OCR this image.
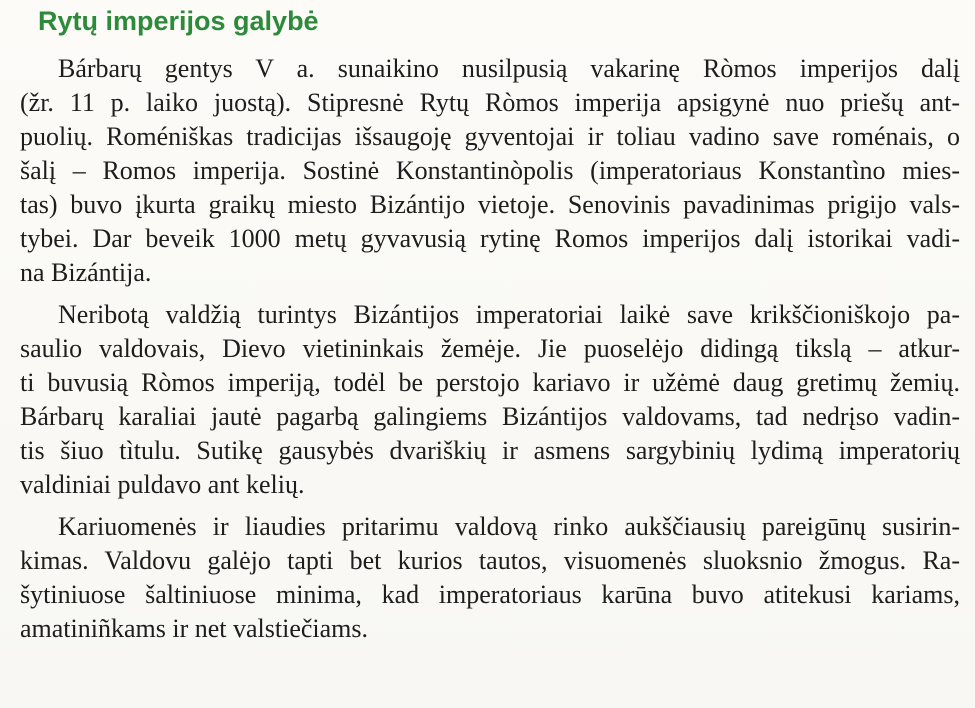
Rytų imperijos galybė

Bárbarų gentys V a. sunaikino nusilpusią vakarinę Ròmos imperijos dalį
(žr. 11 p. laiko juostą). Stipresnė Rytų Ròmos imperija apsigynė nuo priešų ant-
puolių. Roméniškas tradicijas išsaugoję gyventojai ir toliau vadino save roménais, o
šalį – Romos imperija. Sostinė Konstantinòpolis (imperatoriaus Konstantìno mies-
tas) buvo įkurta graikų miesto Bizántijo vietoje. Senovinis pavadinimas prigijo vals-
tybei. Dar beveik 1000 metų gyvavusią rytinę Romos imperijos dalį istorikai vadi-
na Bizántija.

Neribotą valdžią turintys Bizántijos imperatoriai laikė save krikščioniškojo pa-
saulio valdovais, Dievo vietininkais žemėje. Jie puoselėjo didingą tikslą – atkur-
ti buvusią Ròmos imperiją, todėl be perstojo kariavo ir užėmė daug gretimų žemių.
Bárbarų karaliai jautė pagarbą galingiems Bizántijos valdovams, tad nedrįso vadin-
tis šiuo tìtulu. Sutikę gausybės dvariškių ir asmens sargybinių lydimą imperatorių
valdiniai puldavo ant kelių.

Kariuomenės ir liaudies pritarimu valdovą rinko aukščiausių pareigūnų susirin-
kimas. Valdovu galėjo tapti bet kurios tautos, visuomenės sluoksnio žmogus. Ra-
šytiniuose šaltiniuose minima, kad imperatoriaus karūna buvo atitekusi kariams,
amatiniñkams ir net valstiečiams.
